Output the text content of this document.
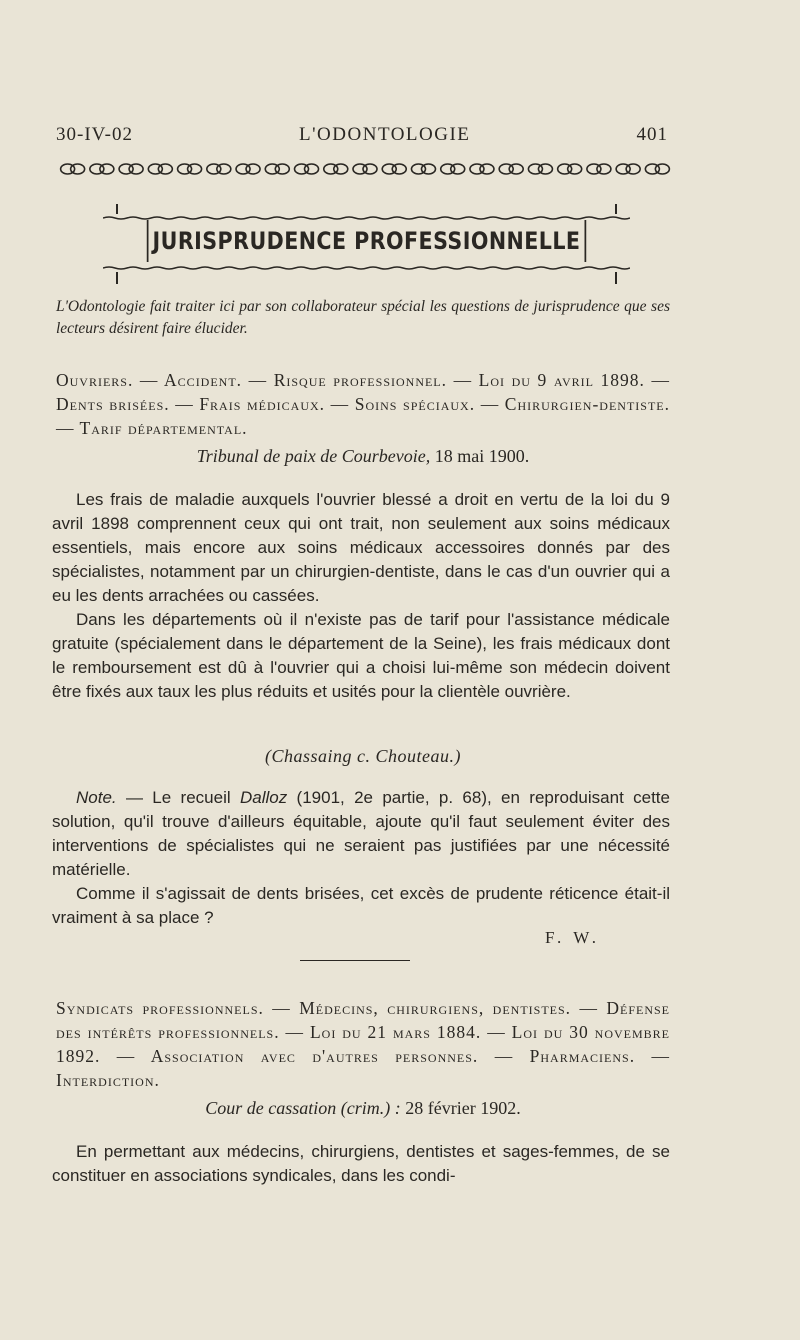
30-IV-02	L'ODONTOLOGIE	401
JURISPRUDENCE PROFESSIONNELLE
L'Odontologie fait traiter ici par son collaborateur spécial les questions de jurisprudence que ses lecteurs désirent faire élucider.
Ouvriers. — Accident. — Risque professionnel. — Loi du 9 avril 1898. — Dents brisées. — Frais médicaux. — Soins spéciaux. — Chirurgien-dentiste. — Tarif départemental.
Tribunal de paix de Courbevoie, 18 mai 1900.

Les frais de maladie auxquels l'ouvrier blessé a droit en vertu de la loi du 9 avril 1898 comprennent ceux qui ont trait, non seulement aux soins médicaux essentiels, mais encore aux soins médicaux accessoires donnés par des spécialistes, notamment par un chirurgien-dentiste, dans le cas d'un ouvrier qui a eu les dents arrachées ou cassées.

Dans les départements où il n'existe pas de tarif pour l'assistance médicale gratuite (spécialement dans le département de la Seine), les frais médicaux dont le remboursement est dû à l'ouvrier qui a choisi lui-même son médecin doivent être fixés aux taux les plus réduits et usités pour la clientèle ouvrière.

(Chassaing c. Chouteau.)

Note. — Le recueil Dalloz (1901, 2e partie, p. 68), en reproduisant cette solution, qu'il trouve d'ailleurs équitable, ajoute qu'il faut seulement éviter des interventions de spécialistes qui ne seraient pas justifiées par une nécessité matérielle.

Comme il s'agissait de dents brisées, cet excès de prudente réticence était-il vraiment à sa place ?

F. W.
Syndicats professionnels. — Médecins, chirurgiens, dentistes. — Défense des intérêts professionnels. — Loi du 21 mars 1884. — Loi du 30 novembre 1892. — Association avec d'autres personnes. — Pharmaciens. — Interdiction.
Cour de cassation (crim.) : 28 février 1902.

En permettant aux médecins, chirurgiens, dentistes et sages-femmes, de se constituer en associations syndicales, dans les condi-
